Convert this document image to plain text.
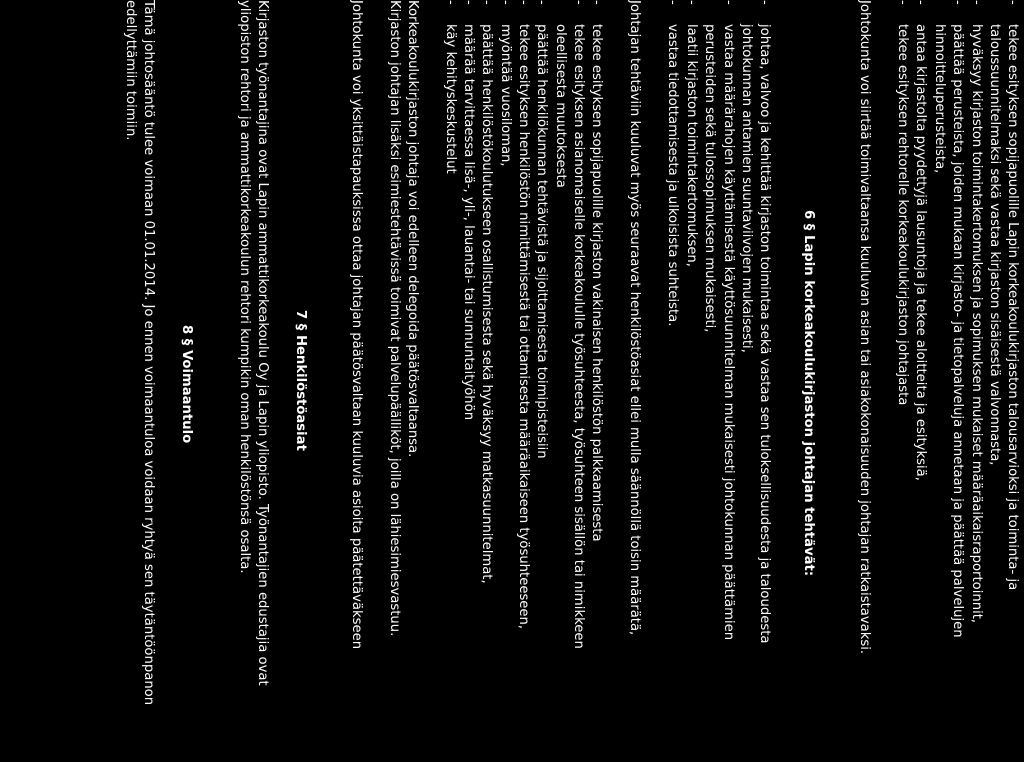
-
tekee esityksen sopijapuolille Lapin korkeakoulukirjaston talousarvioksi ja toiminta- ja
taloussuunnitelmaksi sekä vastaa kirjaston sisäisestä valvonnasta,
-
hyväksyy kirjaston toimintakertomuksen ja sopimuksen mukaiset määräaikaisraportoinnit,
-
päättää perusteista, joiden mukaan kirjasto- ja tietopalveluja annetaan ja päättää palvelujen
hinnoitteluperusteista,
-
antaa kirjastolta pyydettyjä lausuntoja ja tekee aloitteita ja esityksiä,
-
tekee esityksen rehtorelle korkeakoulukirjaston johtajasta
Johtokunta voi siirtää toimivaltaansa kuuluvan asian tai asiakokonaisuuden johtajan ratkaistavaksi.
6 § Lapin korkeakoulukirjaston johtajan tehtävät:
-
johtaa, valvoo ja kehittää kirjaston toimintaa sekä vastaa sen tuloksellisuudesta ja taloudesta
johtokunnan antamien suuntaviivojen mukaisesti,
-
vastaa määrärahojen käyttämisestä käyttösuunnitelman mukaisesti johtokunnan päättämien
perusteiden sekä tulossopimuksen mukaisesti,
-
laatii kirjaston toimintakertomuksen,
-
vastaa tiedottamisesta ja ulkoisista suhteista.
Johtajan tehtäviin kuuluvat myös seuraavat henkilöstöasiat ellei mulla säännöllä toisin määrätä,
-
tekee esityksen sopijapuolille kirjaston vakinaisen henkilöstön palkkaamisesta
-
tekee esityksen asianomaiselle korkeakoululle työsuhteesta, työsuhteen sisällön tai nimikkeen
oleellisesta muutoksesta
-
päättää henkilökunnan tehtävistä ja sijoittamisesta toimipisteisiin
-
tekee esityksen henkilöstön nimittämisestä tai ottamisesta määräaikaiseen työsuhteeseen,
-
myöntää vuosiloman,
-
päättää henkilöstökoulutukseen osallistumisesta sekä hyväksyy matkasuunnitelmat,
-
määrää tarvittaessa lisä-, yli-, lauantai- tai sunnuntaityöhön
-
käy kehityskeskustelut
Korkeakoulukirjaston johtaja voi edelleen delegoida päätösvaltaansa.
Kirjaston johtajan lisäksi esimiestehtävissä toimivat palvelupäälliköt, joilla on lähiesimiesvastuu.
Johtokunta voi yksittäistapauksissa ottaa johtajan päätösvaltaan kuuluvia asioita päätettäväkseen
7 § Henkilöstöasiat
Kirjaston työnantajina ovat Lapin ammattikorkeakoulu Oy ja Lapin yliopisto. Työnantajien edustajia ovat
yliopiston rehtori ja ammattikorkeakoulun rehtori kumpikin oman henkilöstönsä osalta.
8 § Voimaantulo
Tämä johtosääntö tulee voimaan 01.01.2014. Jo ennen voimaantuloa voidaan ryhtyä sen täytäntöönpanon
edellyttämiin toimiin.
